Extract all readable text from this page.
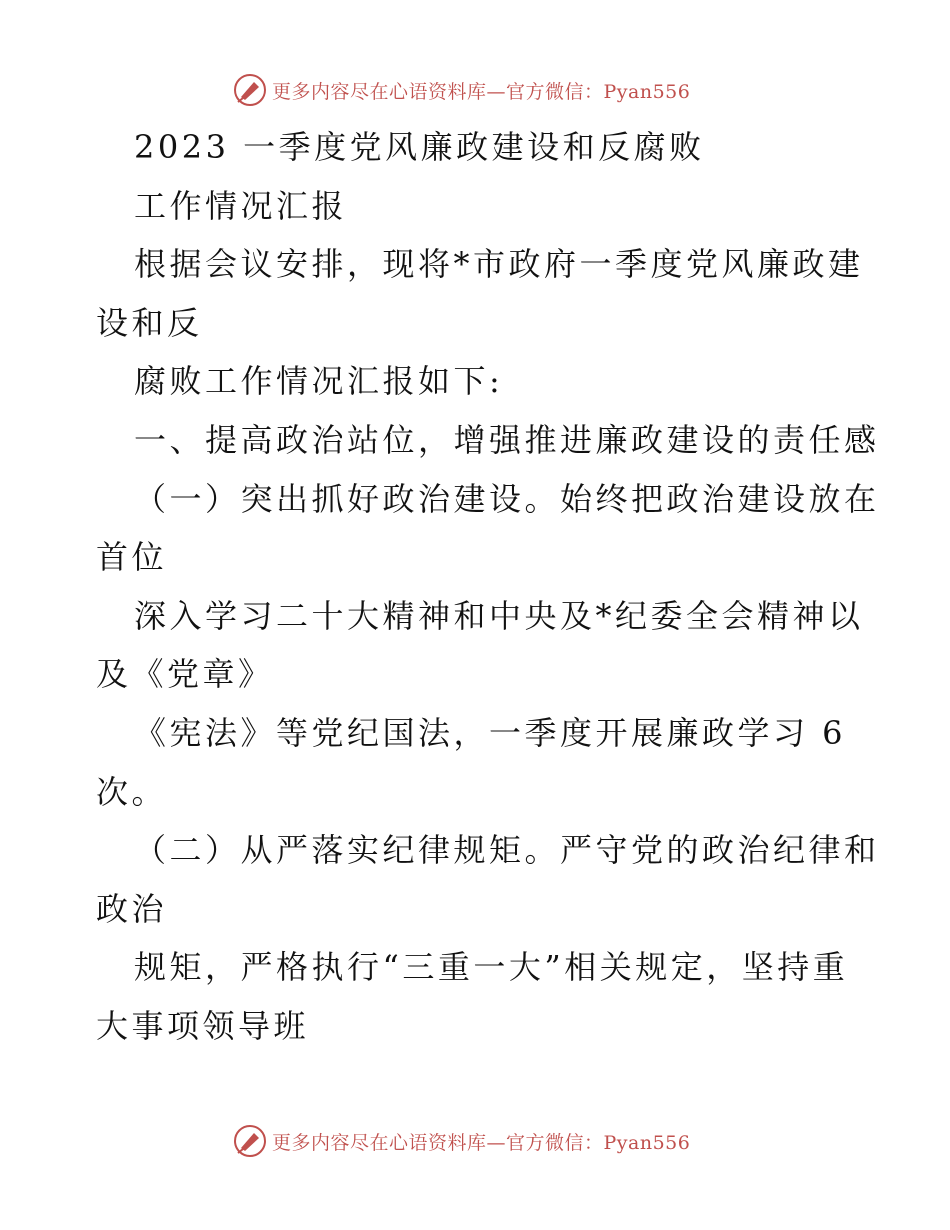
更多内容尽在心语资料库—官方微信：Pyan556
2023 一季度党风廉政建设和反腐败
工作情况汇报
根据会议安排，现将*市政府一季度党风廉政建
设和反
腐败工作情况汇报如下:
一、提高政治站位，增强推进廉政建设的责任感
（一）突出抓好政治建设。始终把政治建设放在
首位
深入学习二十大精神和中央及*纪委全会精神以
及《党章》
《宪法》等党纪国法，一季度开展廉政学习 6
次。
（二）从严落实纪律规矩。严守党的政治纪律和
政治
规矩，严格执行“三重一大”相关规定，坚持重
大事项领导班
更多内容尽在心语资料库—官方微信：Pyan556
